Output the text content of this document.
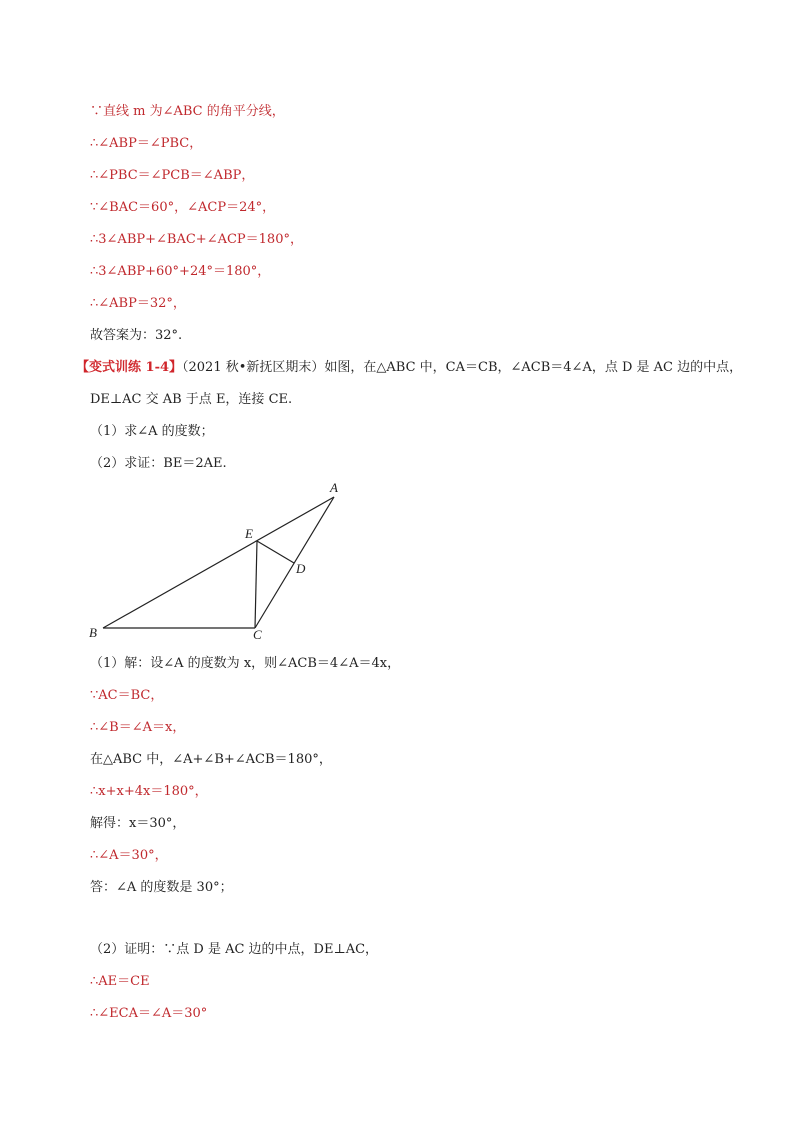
∵直线 m 为∠ABC 的角平分线，
∴∠ABP＝∠PBC，
∴∠PBC＝∠PCB＝∠ABP，
∵∠BAC＝60°，∠ACP＝24°，
∴3∠ABP+∠BAC+∠ACP＝180°，
∴3∠ABP+60°+24°＝180°，
∴∠ABP＝32°，
故答案为：32°.
【变式训练 1-4】（2021 秋•新抚区期末）如图，在△ABC 中，CA＝CB，∠ACB＝4∠A，点 D 是 AC 边的中点，
DE⊥AC 交 AB 于点 E，连接 CE.
（1）求∠A 的度数；
（2）求证：BE＝2AE.
A
B	C
D
E
（1）解：设∠A 的度数为 x，则∠ACB＝4∠A＝4x，
∵AC＝BC，
∴∠B＝∠A＝x，
在△ABC 中，∠A+∠B+∠ACB＝180°，
∴x+x+4x＝180°，
解得：x＝30°，
∴∠A＝30°，
答：∠A 的度数是 30°；
（2）证明：∵点 D 是 AC 边的中点，DE⊥AC，
∴AE＝CE
∴∠ECA＝∠A＝30°
